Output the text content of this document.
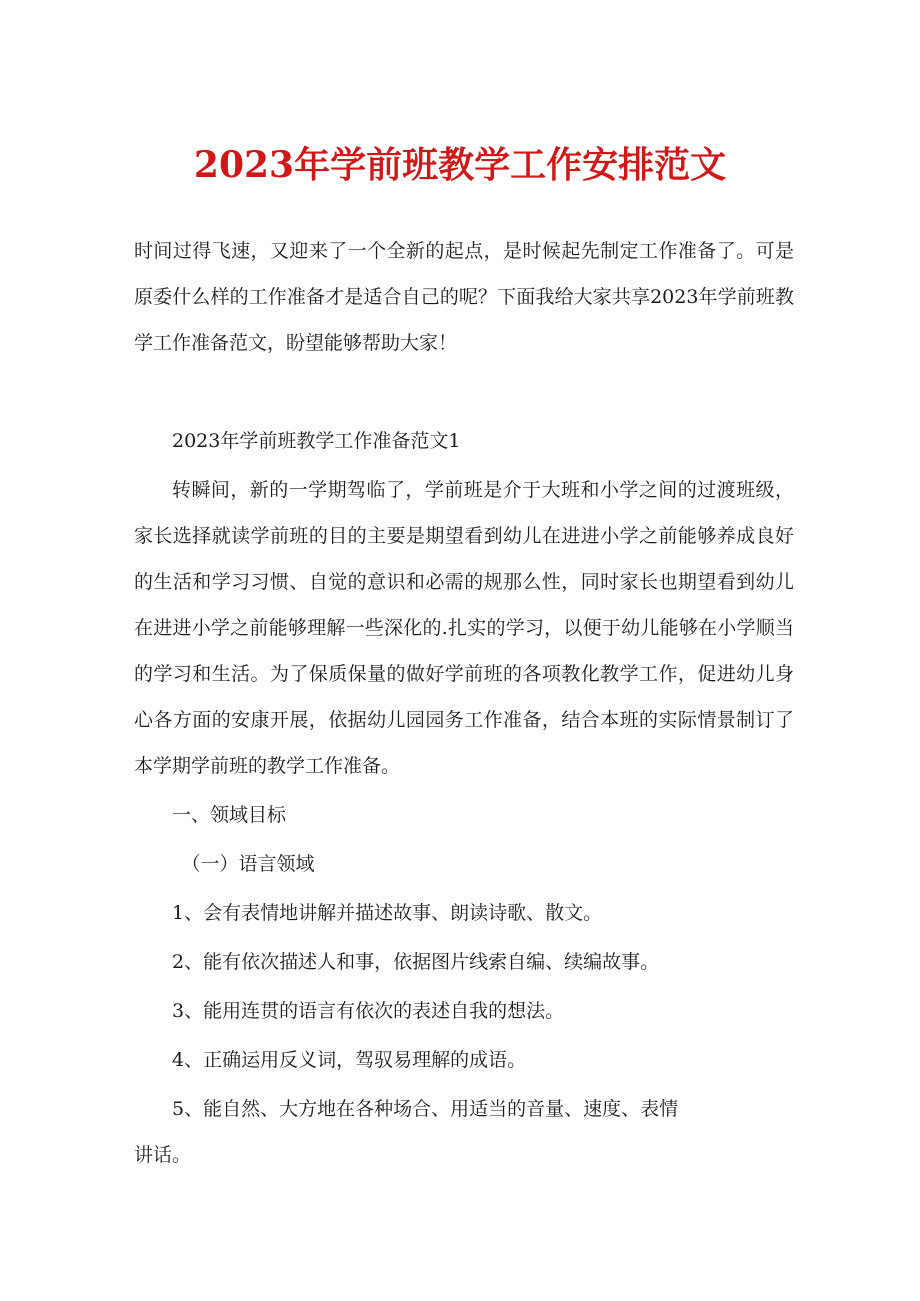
2023年学前班教学工作安排范文

时间过得飞速，又迎来了一个全新的起点，是时候起先制定工作准备了。可是原委什么样的工作准备才是适合自己的呢？下面我给大家共享2023年学前班教学工作准备范文，盼望能够帮助大家！

2023年学前班教学工作准备范文1

转瞬间，新的一学期驾临了，学前班是介于大班和小学之间的过渡班级，家长选择就读学前班的目的主要是期望看到幼儿在进进小学之前能够养成良好的生活和学习习惯、自觉的意识和必需的规那么性，同时家长也期望看到幼儿在进进小学之前能够理解一些深化的.扎实的学习，以便于幼儿能够在小学顺当的学习和生活。为了保质保量的做好学前班的各项教化教学工作，促进幼儿身心各方面的安康开展，依据幼儿园园务工作准备，结合本班的实际情景制订了本学期学前班的教学工作准备。

一、领域目标

（一）语言领域

1、会有表情地讲解并描述故事、朗读诗歌、散文。

2、能有依次描述人和事，依据图片线索自编、续编故事。

3、能用连贯的语言有依次的表述自我的想法。

4、正确运用反义词，驾驭易理解的成语。

5、能自然、大方地在各种场合、用适当的音量、速度、表情讲话。
